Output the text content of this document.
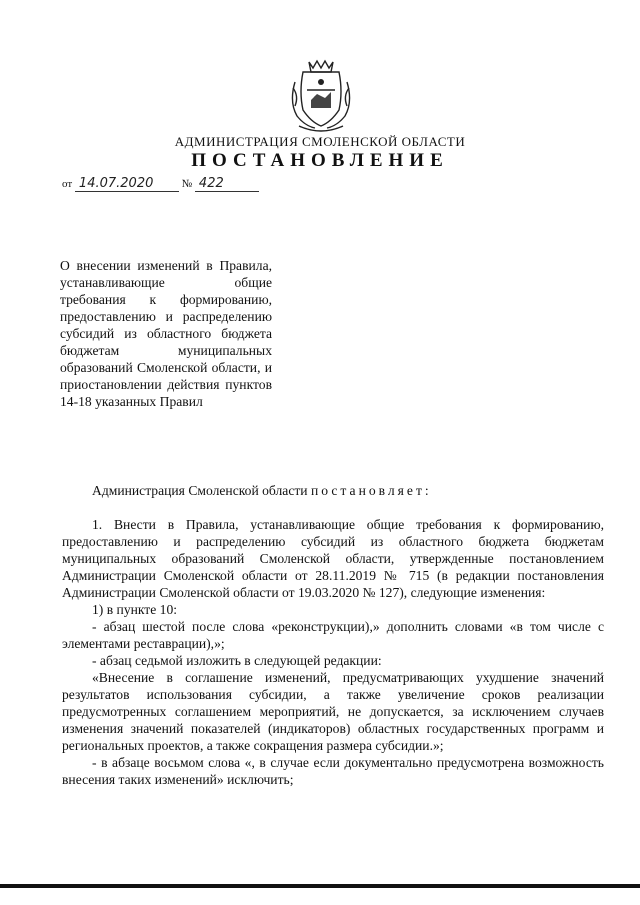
АДМИНИСТРАЦИЯ СМОЛЕНСКОЙ ОБЛАСТИ
ПОСТАНОВЛЕНИЕ
от 14.07.2020	№ 422
О внесении изменений в Правила, устанавливающие общие требования к формированию, предоставлению и распределению субсидий из областного бюджета бюджетам муниципальных образований Смоленской области, и приостановлении действия пунктов 14-18 указанных Правил

Администрация Смоленской области постановляет:

1. Внести в Правила, устанавливающие общие требования к формированию, предоставлению и распределению субсидий из областного бюджета бюджетам муниципальных образований Смоленской области, утвержденные постановлением Администрации Смоленской области от 28.11.2019 № 715 (в редакции постановления Администрации Смоленской области от 19.03.2020 № 127), следующие изменения:

1) в пункте 10:

- абзац шестой после слова «реконструкции),» дополнить словами «в том числе с элементами реставрации),»;

- абзац седьмой изложить в следующей редакции:

«Внесение в соглашение изменений, предусматривающих ухудшение значений результатов использования субсидии, а также увеличение сроков реализации предусмотренных соглашением мероприятий, не допускается, за исключением случаев изменения значений показателей (индикаторов) областных государственных программ и региональных проектов, а также сокращения размера субсидии.»;

- в абзаце восьмом слова «, в случае если документально предусмотрена возможность внесения таких изменений» исключить;
